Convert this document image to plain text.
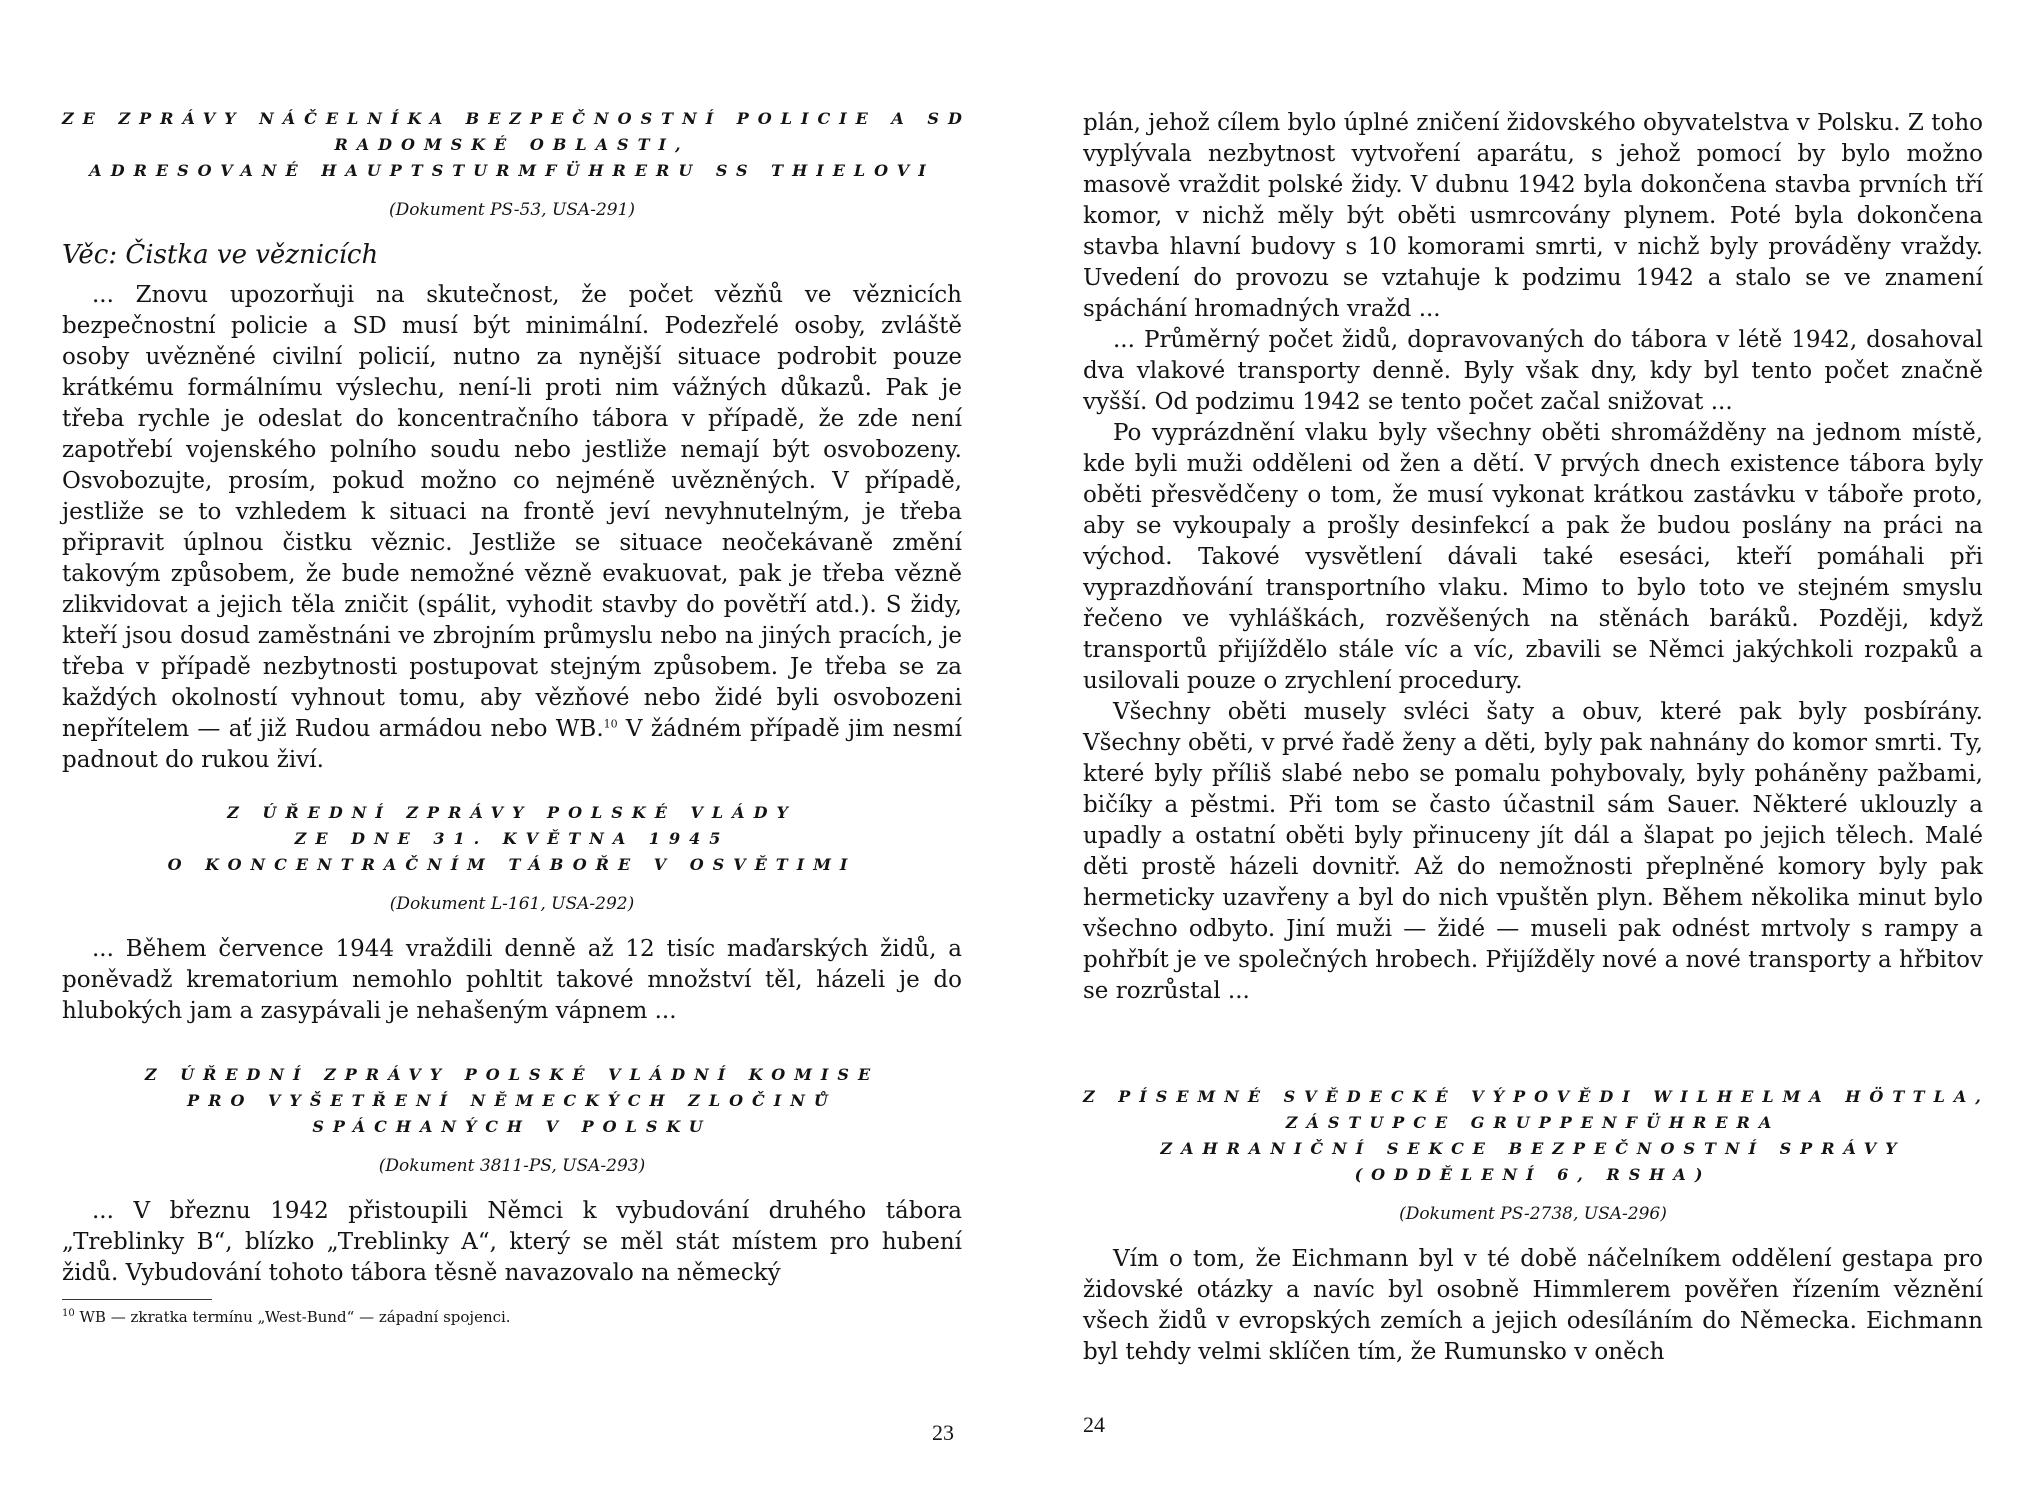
ZE ZPRÁVY NÁČELNÍKA BEZPEČNOSTNÍ POLICIE A SD
RADOMSKÉ OBLASTI,
ADRESOVANÉ HAUPTSTURMFÜHRERU SS THIELOVI
(Dokument PS-53, USA-291)
Věc: Čistka ve věznicích
... Znovu upozorňuji na skutečnost, že počet vězňů ve věznicích bezpečnostní policie a SD musí být minimální. Podezřelé osoby, zvláště osoby uvězněné civilní policií, nutno za nynější situace podrobit pouze krátkému formálnímu výslechu, není-li proti nim vážných důkazů. Pak je třeba rychle je odeslat do koncentračního tábora v případě, že zde není zapotřebí vojenského polního soudu nebo jestliže nemají být osvobozeny. Osvobozujte, prosím, pokud možno co nejméně uvězněných. V případě, jestliže se to vzhledem k situaci na frontě jeví nevyhnutelným, je třeba připravit úplnou čistku věznic. Jestliže se situace neočekávaně změní takovým způsobem, že bude nemožné vězně evakuovat, pak je třeba vězně zlikvidovat a jejich těla zničit (spálit, vyhodit stavby do povětří atd.). S židy, kteří jsou dosud zaměstnáni ve zbrojním průmyslu nebo na jiných pracích, je třeba v případě nezbytnosti postupovat stejným způsobem. Je třeba se za každých okolností vyhnout tomu, aby vězňové nebo židé byli osvobozeni nepřítelem — ať již Rudou armádou nebo WB.$^{10}$ V žádném případě jim nesmí padnout do rukou živí.
Z ÚŘEDNÍ ZPRÁVY POLSKÉ VLÁDY
ZE DNE 31. KVĚTNA 1945
O KONCENTRAČNÍM TÁBOŘE V OSVĚTIMI
(Dokument L-161, USA-292)
... Během července 1944 vraždili denně až 12 tisíc maďarských židů, a poněvadž krematorium nemohlo pohltit takové množství těl, házeli je do hlubokých jam a zasypávali je nehašeným vápnem ...
Z ÚŘEDNÍ ZPRÁVY POLSKÉ VLÁDNÍ KOMISE
PRO VYŠETŘENÍ NĚMECKÝCH ZLOČINŮ
SPÁCHANÝCH V POLSKU
(Dokument 3811-PS, USA-293)
... V březnu 1942 přistoupili Němci k vybudování druhého tábora „Treblinky B“, blízko „Treblinky A“, který se měl stát místem pro hubení židů. Vybudování tohoto tábora těsně navazovalo na německý
$^{10}$ WB — zkratka termínu „West-Bund“ — západní spojenci.
23
plán, jehož cílem bylo úplné zničení židovského obyvatelstva v Polsku. Z toho vyplývala nezbytnost vytvoření aparátu, s jehož pomocí by bylo možno masově vraždit polské židy. V dubnu 1942 byla dokončena stavba prvních tří komor, v nichž měly být oběti usmrcovány plynem. Poté byla dokončena stavba hlavní budovy s 10 komorami smrti, v nichž byly prováděny vraždy. Uvedení do provozu se vztahuje k podzimu 1942 a stalo se ve znamení spáchání hromadných vražd ...
... Průměrný počet židů, dopravovaných do tábora v létě 1942, dosahoval dva vlakové transporty denně. Byly však dny, kdy byl tento počet značně vyšší. Od podzimu 1942 se tento počet začal snižovat ...
Po vyprázdnění vlaku byly všechny oběti shromážděny na jednom místě, kde byli muži odděleni od žen a dětí. V prvých dnech existence tábora byly oběti přesvědčeny o tom, že musí vykonat krátkou zastávku v táboře proto, aby se vykoupaly a prošly desinfekcí a pak že budou poslány na práci na východ. Takové vysvětlení dávali také esesáci, kteří pomáhali při vyprazdňování transportního vlaku. Mimo to bylo toto ve stejném smyslu řečeno ve vyhláškách, rozvěšených na stěnách baráků. Později, když transportů přijíždělo stále víc a víc, zbavili se Němci jakýchkoli rozpaků a usilovali pouze o zrychlení procedury.
Všechny oběti musely svléci šaty a obuv, které pak byly posbírány. Všechny oběti, v prvé řadě ženy a děti, byly pak nahnány do komor smrti. Ty, které byly příliš slabé nebo se pomalu pohybovaly, byly poháněny pažbami, bičíky a pěstmi. Při tom se často účastnil sám Sauer. Některé uklouzly a upadly a ostatní oběti byly přinuceny jít dál a šlapat po jejich tělech. Malé děti prostě házeli dovnitř. Až do nemožnosti přeplněné komory byly pak hermeticky uzavřeny a byl do nich vpuštěn plyn. Během několika minut bylo všechno odbyto. Jiní muži — židé — museli pak odnést mrtvoly s rampy a pohřbít je ve společných hrobech. Přijížděly nové a nové transporty a hřbitov se rozrůstal ...
Z PÍSEMNÉ SVĚDECKÉ VÝPOVĚDI WILHELMA HÖTTLA,
ZÁSTUPCE GRUPPENFÜHRERA
ZAHRANIČNÍ SEKCE BEZPEČNOSTNÍ SPRÁVY
(ODDĚLENÍ 6, RSHA)
(Dokument PS-2738, USA-296)
Vím o tom, že Eichmann byl v té době náčelníkem oddělení gestapa pro židovské otázky a navíc byl osobně Himmlerem pověřen řízením věznění všech židů v evropských zemích a jejich odesíláním do Německa. Eichmann byl tehdy velmi sklíčen tím, že Rumunsko v oněch
24
